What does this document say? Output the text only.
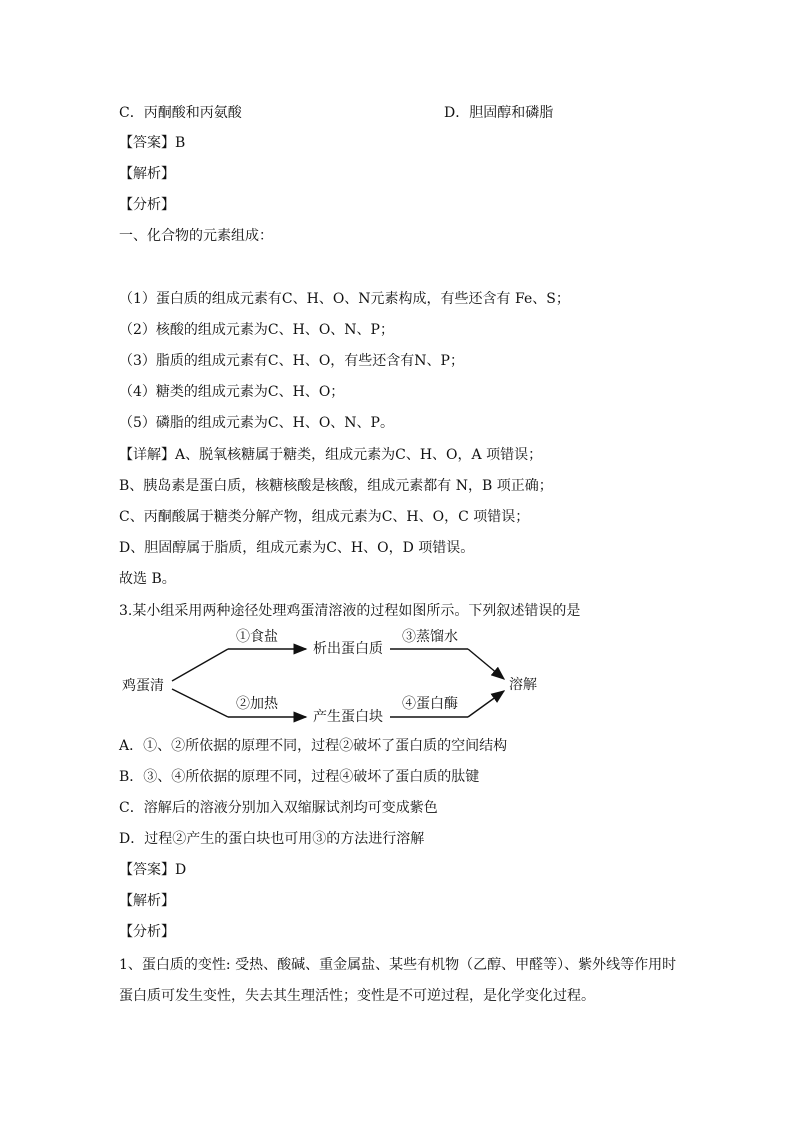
C．丙酮酸和丙氨酸	D．胆固醇和磷脂
【答案】B
【解析】
【分析】
一、化合物的元素组成：
（1）蛋白质的组成元素有C、H、O、N元素构成，有些还含有 Fe、S；
（2）核酸的组成元素为C、H、O、N、P；
（3）脂质的组成元素有C、H、O，有些还含有N、P；
（4）糖类的组成元素为C、H、O；
（5）磷脂的组成元素为C、H、O、N、P。
【详解】A、脱氧核糖属于糖类，组成元素为C、H、O，A 项错误；
B、胰岛素是蛋白质，核糖核酸是核酸，组成元素都有 N，B 项正确；
C、丙酮酸属于糖类分解产物，组成元素为C、H、O，C 项错误；
D、胆固醇属于脂质，组成元素为C、H、O，D 项错误。
故选 B。
3.某小组采用两种途径处理鸡蛋清溶液的过程如图所示。下列叙述错误的是
鸡蛋清
①食盐
析出蛋白质
③蒸馏水
②加热
产生蛋白块
④蛋白酶
溶解
A．①、②所依据的原理不同，过程②破坏了蛋白质的空间结构
B．③、④所依据的原理不同，过程④破坏了蛋白质的肽键
C．溶解后的溶液分别加入双缩脲试剂均可变成紫色
D．过程②产生的蛋白块也可用③的方法进行溶解
【答案】D
【解析】
【分析】
1、蛋白质的变性: 受热、酸碱、重金属盐、某些有机物（乙醇、甲醛等）、紫外线等作用时
蛋白质可发生变性，失去其生理活性；变性是不可逆过程，是化学变化过程。
